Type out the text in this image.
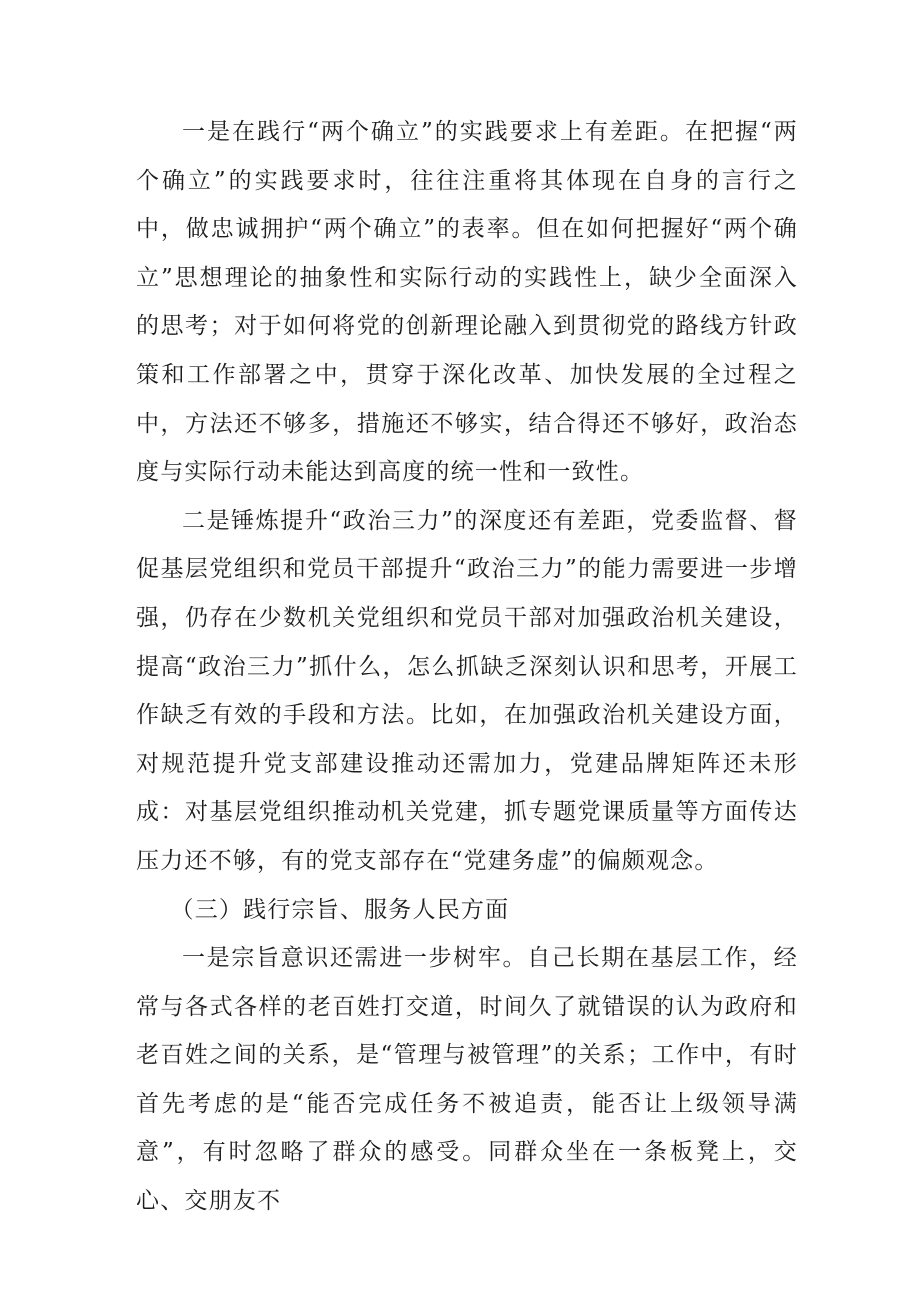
一是在践行“两个确立”的实践要求上有差距。在把握“两个确立”的实践要求时，往往注重将其体现在自身的言行之中，做忠诚拥护“两个确立”的表率。但在如何把握好“两个确立”思想理论的抽象性和实际行动的实践性上，缺少全面深入的思考；对于如何将党的创新理论融入到贯彻党的路线方针政策和工作部署之中，贯穿于深化改革、加快发展的全过程之中，方法还不够多，措施还不够实，结合得还不够好，政治态度与实际行动未能达到高度的统一性和一致性。

二是锤炼提升“政治三力”的深度还有差距，党委监督、督促基层党组织和党员干部提升“政治三力”的能力需要进一步增强，仍存在少数机关党组织和党员干部对加强政治机关建设，提高“政治三力”抓什么，怎么抓缺乏深刻认识和思考，开展工作缺乏有效的手段和方法。比如，在加强政治机关建设方面，对规范提升党支部建设推动还需加力，党建品牌矩阵还未形成：对基层党组织推动机关党建，抓专题党课质量等方面传达压力还不够，有的党支部存在“党建务虚”的偏颇观念。

（三）践行宗旨、服务人民方面

一是宗旨意识还需进一步树牢。自己长期在基层工作，经常与各式各样的老百姓打交道，时间久了就错误的认为政府和老百姓之间的关系，是“管理与被管理”的关系；工作中，有时首先考虑的是“能否完成任务不被追责，能否让上级领导满意”，有时忽略了群众的感受。同群众坐在一条板凳上，交心、交朋友不
